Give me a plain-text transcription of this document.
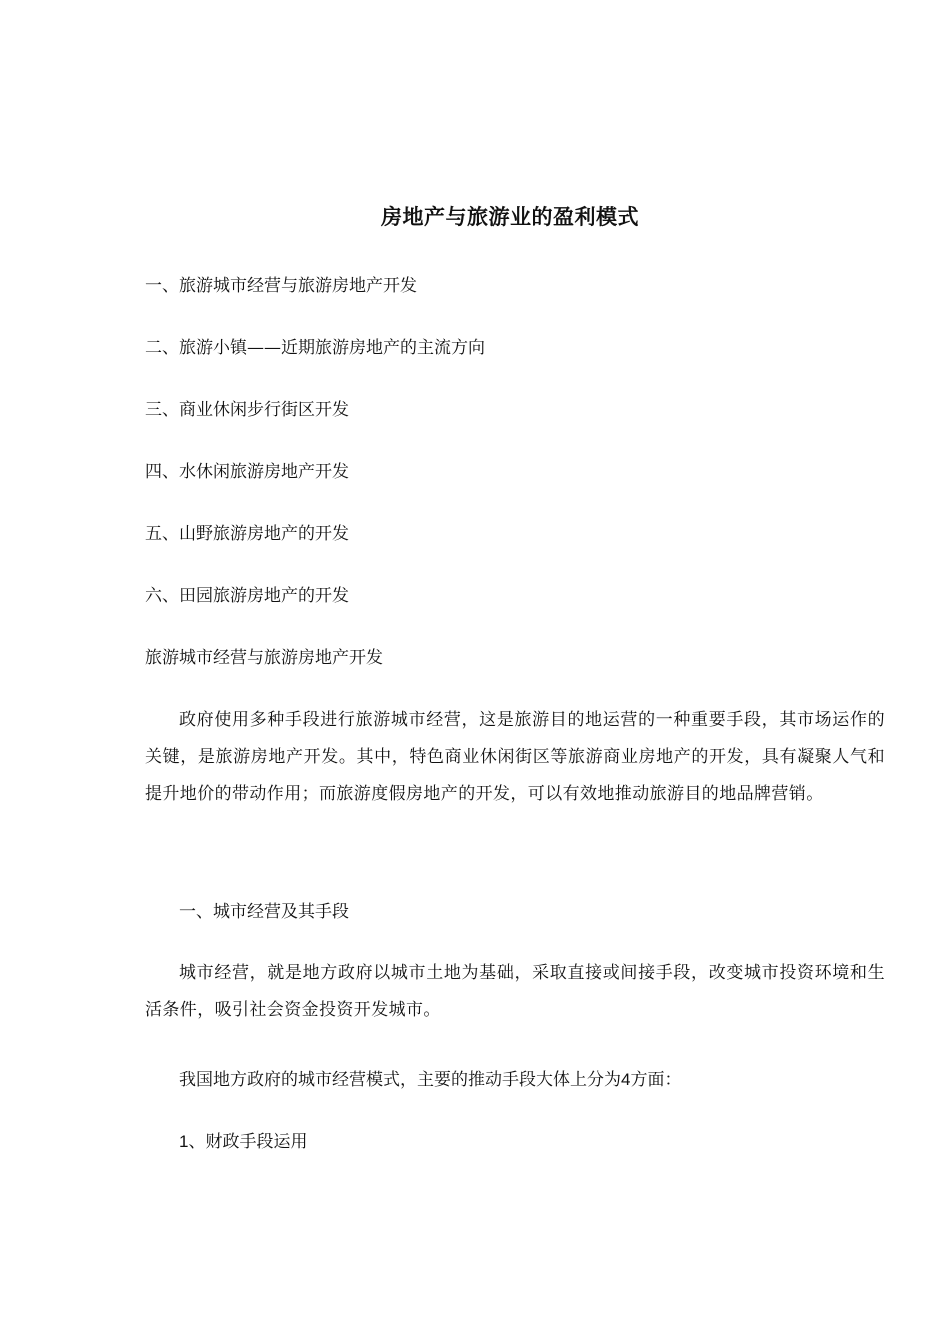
房地产与旅游业的盈利模式
一、旅游城市经营与旅游房地产开发
二、旅游小镇——近期旅游房地产的主流方向
三、商业休闲步行街区开发
四、水休闲旅游房地产开发
五、山野旅游房地产的开发
六、田园旅游房地产的开发
旅游城市经营与旅游房地产开发
政府使用多种手段进行旅游城市经营，这是旅游目的地运营的一种重要手段，其市场运作的关键，是旅游房地产开发。其中，特色商业休闲街区等旅游商业房地产的开发，具有凝聚人气和提升地价的带动作用；而旅游度假房地产的开发，可以有效地推动旅游目的地品牌营销。
一、城市经营及其手段
城市经营，就是地方政府以城市土地为基础，采取直接或间接手段，改变城市投资环境和生活条件，吸引社会资金投资开发城市。
我国地方政府的城市经营模式，主要的推动手段大体上分为4方面：
1、财政手段运用
